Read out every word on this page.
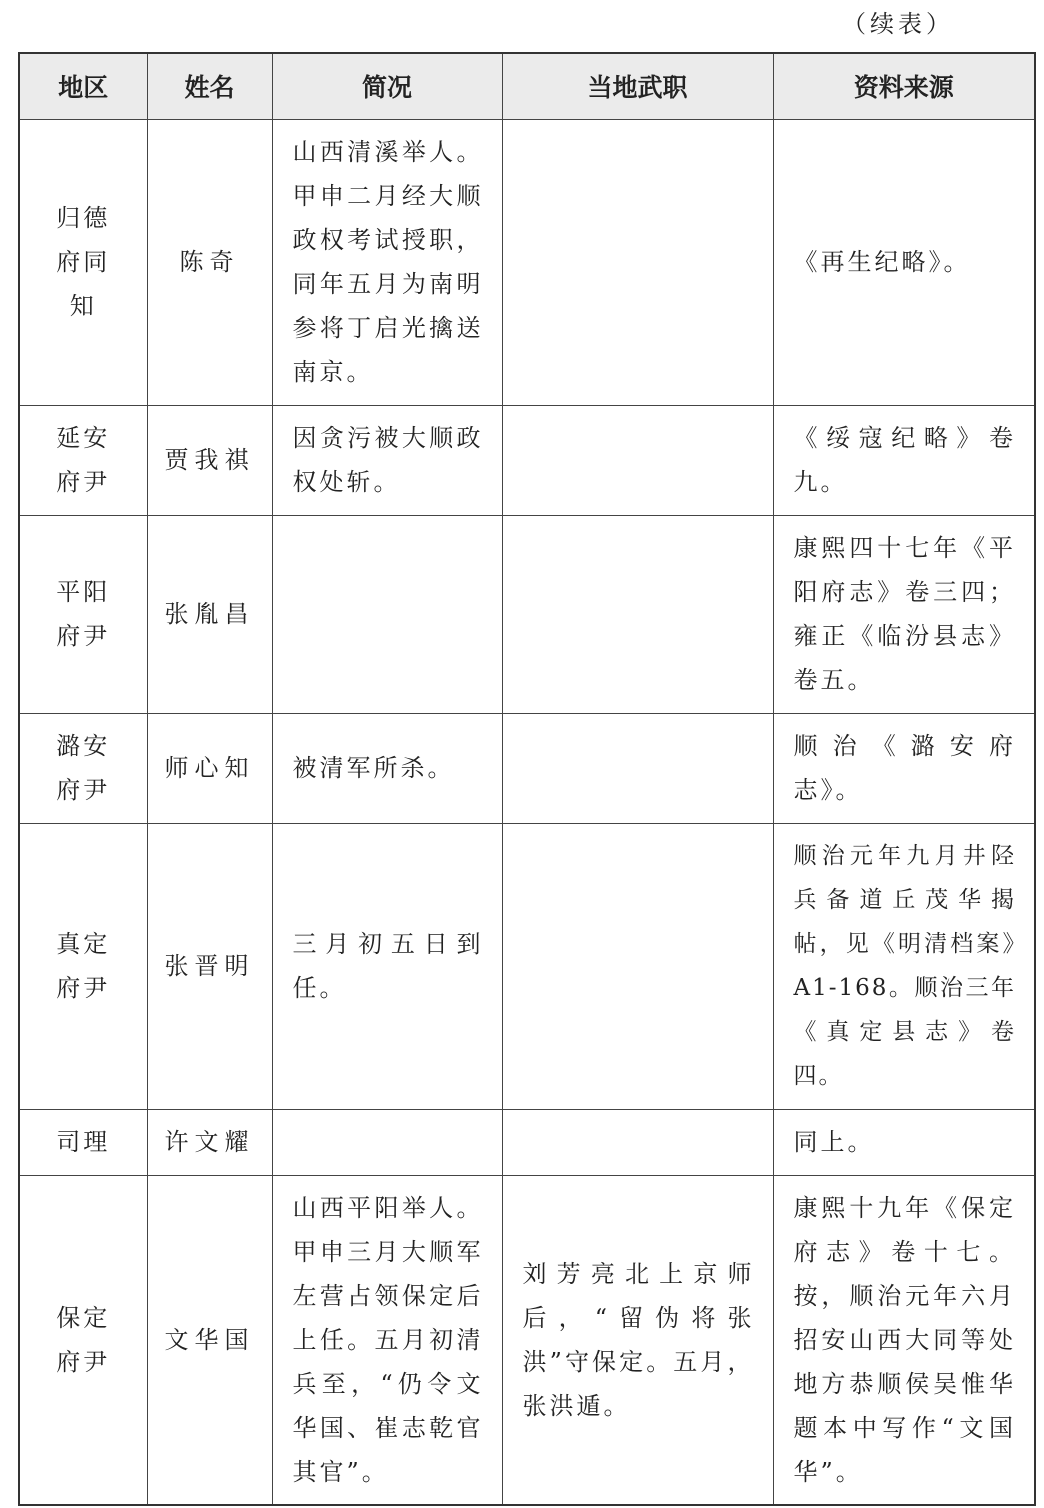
（续表）
地区	姓名	简况	当地武职	资料来源

归德府同知	陈奇	山西清溪举人。甲申二月经大顺政权考试授职，同年五月为南明参将丁启光擒送南京。		《再生纪略》。

延安府尹	贾我祺	因贪污被大顺政权处斩。		《绥寇纪略》卷九。

平阳府尹	张胤昌			康熙四十七年《平阳府志》卷三四；雍正《临汾县志》卷五。

潞安府尹	师心知	被清军所杀。		顺治《潞安府志》。

真定府尹	张晋明	三月初五日到任。		顺治元年九月井陉兵备道丘茂华揭帖，见《明清档案》A1-168。顺治三年《真定县志》卷四。
司理	许文耀			同上。

保定府尹	文华国	山西平阳举人。甲申三月大顺军左营占领保定后上任。五月初清兵至，“仍令文华国、崔志乾官其官”。	刘芳亮北上京师后，“留伪将张洪”守保定。五月，张洪遁。	康熙十九年《保定府志》卷十七。按，顺治元年六月招安山西大同等处地方恭顺侯吴惟华题本中写作“文国华”。
